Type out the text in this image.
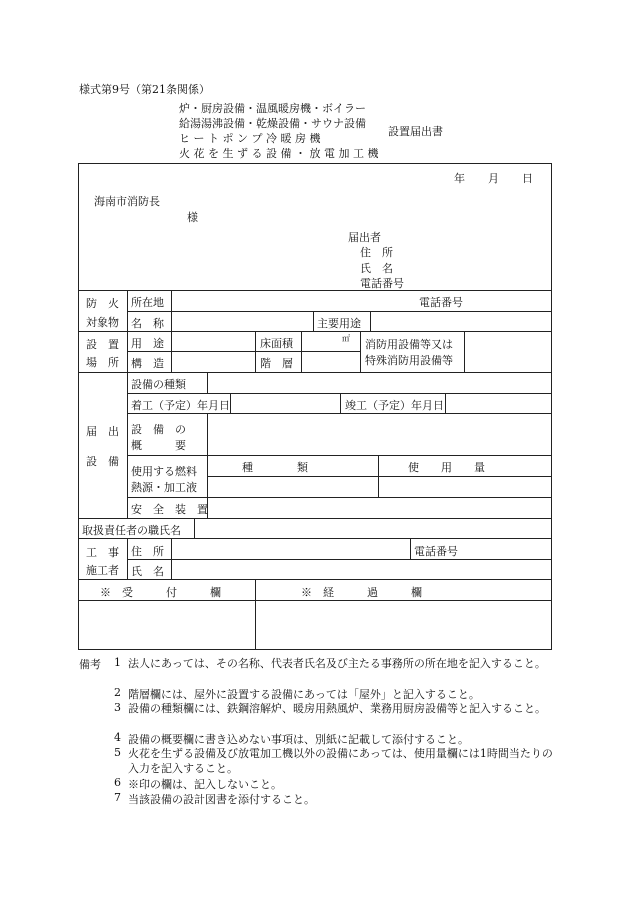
様式第9号（第21条関係）
炉・厨房設備・温風暖房機・ボイラー
給湯湯沸設備・乾燥設備・サウナ設備
ヒ ー ト ポ ン プ 冷 暖 房 機
火 花 を 生 ず る 設 備 ・ 放 電 加 工 機
設置届出書
年 月 日
海南市消防長
様
届出者
住　所
氏　名
電話番号
防　火
対象物
所在地	電話番号
名　称	主要用途
設　置
場　所
用　途	床面積	㎡ 消防用設備等又は
特殊消防用設備等
構　造	階　層
届　出
設　備
設備の種類
着工（予定）年月日	竣工（予定）年月日
設　備　の
概　　　要
使用する燃料
熱源・加工液
種　　　　類	使　　用　　量
安　全　装　置
取扱責任者の職氏名
工　事
施工者
住　所	電話番号
氏　名
※　受　　　付　　　欄	※　経　　　過　　　欄
備考 1 法人にあっては、その名称、代表者氏名及び主たる事務所の所在地を記入すること。
2 階層欄には、屋外に設置する設備にあっては「屋外」と記入すること。
3 設備の種類欄には、鉄鋼溶解炉、暖房用熱風炉、業務用厨房設備等と記入すること。
4 設備の概要欄に書き込めない事項は、別紙に記載して添付すること。
5 火花を生ずる設備及び放電加工機以外の設備にあっては、使用量欄には1時間当たりの入力を記入すること。
6 ※印の欄は、記入しないこと。
7 当該設備の設計図書を添付すること。
